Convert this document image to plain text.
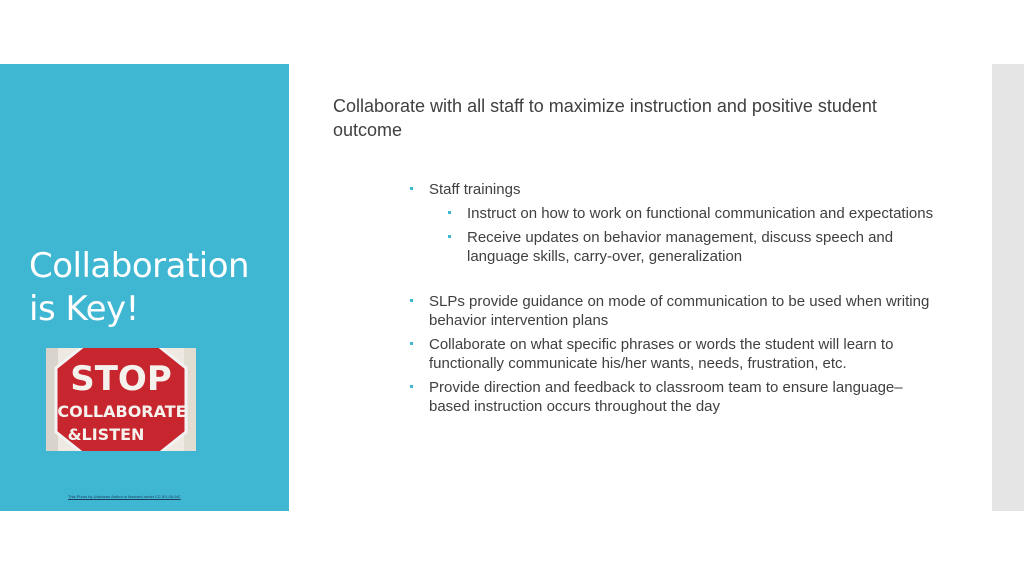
Collaboration
is Key!
STOP
COLLABORATE
&LISTEN
This Photo by Unknown Author is licensed under CC BY-SA-NC
Collaborate with all staff to maximize instruction and positive student outcome
Staff trainings
Instruct on how to work on functional communication and expectations
Receive updates on behavior management, discuss speech and language skills, carry-over, generalization
SLPs provide guidance on mode of communication to be used when writing behavior intervention plans
Collaborate on what specific phrases or words the student will learn to functionally communicate his/her wants, needs, frustration, etc.
Provide direction and feedback to classroom team to ensure language–based instruction occurs throughout the day
